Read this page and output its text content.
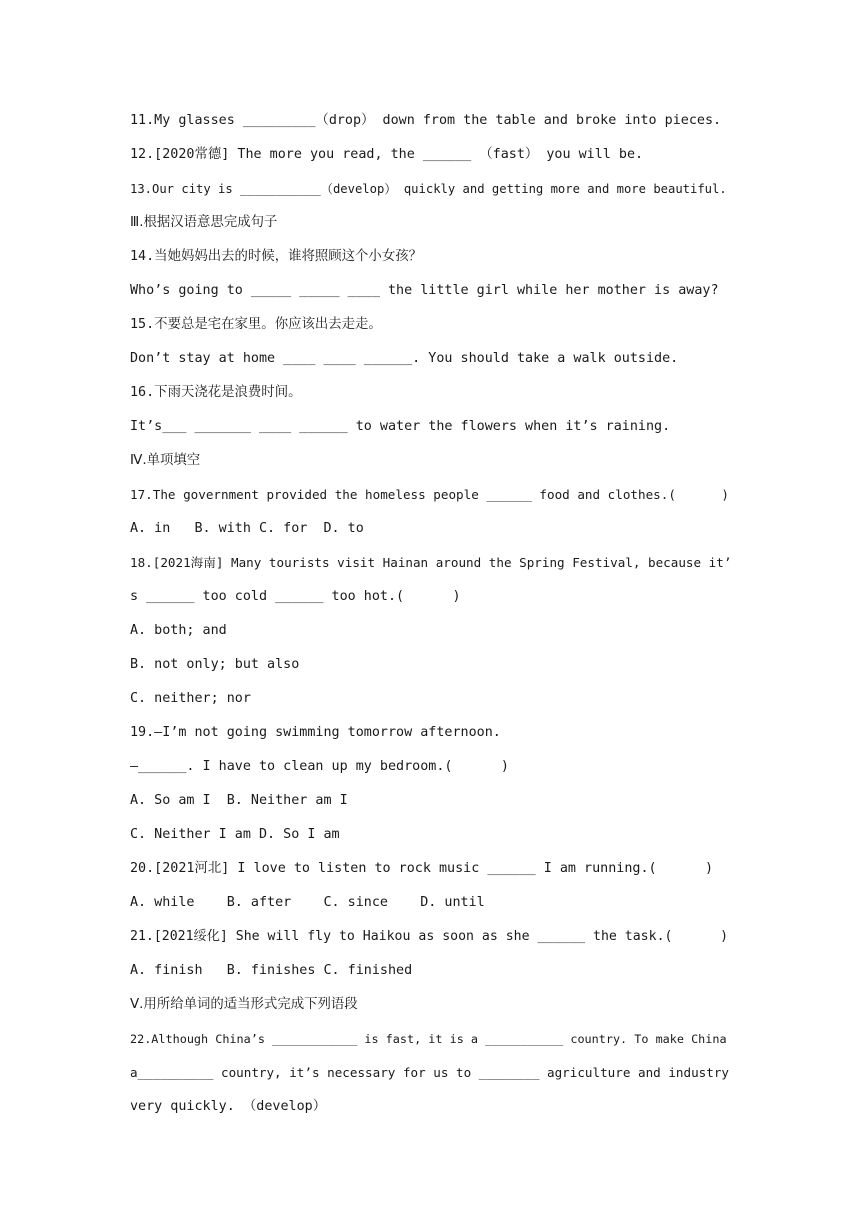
11.My glasses _________（drop） down from the table and broke into pieces.
12.[2020常德] The more you read, the ______ （fast） you will be.
13.Our city is ___________（develop） quickly and getting more and more beautiful.
Ⅲ.根据汉语意思完成句子
14.当她妈妈出去的时候，谁将照顾这个小女孩？
Who’s going to _____ _____ ____ the little girl while her mother is away?
15.不要总是宅在家里。你应该出去走走。
Don’t stay at home ____ ____ ______. You should take a walk outside.
16.下雨天浇花是浪费时间。
It’s___ _______ ____ ______ to water the flowers when it’s raining.
Ⅳ.单项填空
17.The government provided the homeless people ______ food and clothes.(      )
A. in   B. with C. for  D. to
18.[2021海南] Many tourists visit Hainan around the Spring Festival, because it’
s ______ too cold ______ too hot.(      )
A. both; and
B. not only; but also
C. neither; nor
19.—I’m not going swimming tomorrow afternoon.
—______. I have to clean up my bedroom.(      )
A. So am I  B. Neither am I
C. Neither I am D. So I am
20.[2021河北] I love to listen to rock music ______ I am running.(      )
A. while    B. after    C. since    D. until
21.[2021绥化] She will fly to Haikou as soon as she ______ the task.(      )
A. finish   B. finishes C. finished
Ⅴ.用所给单词的适当形式完成下列语段
22.Although China’s ____________ is fast, it is a ___________ country. To make China
a__________ country, it’s necessary for us to ________ agriculture and industry
very quickly. （develop）
